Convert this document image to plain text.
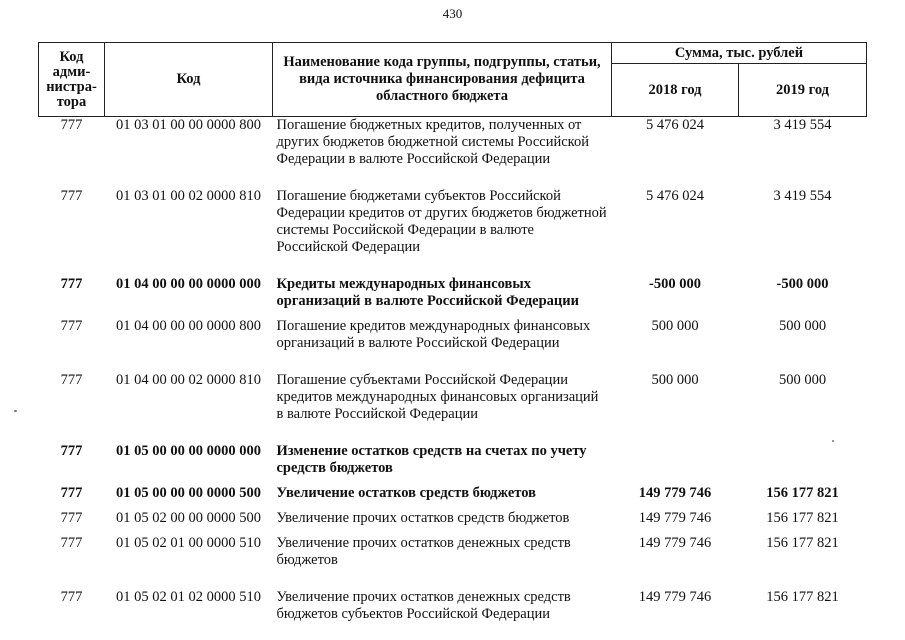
430
Код адми-нистра-тора	Код	Наименование кода группы, подгруппы, статьи, вида источника финансирования дефицита областного бюджета	Сумма, тыс. рублей	
			2018 год	2019 год
777	01 03 01 00 00 0000 800	Погашение бюджетных кредитов, полученных от других бюджетов бюджетной системы Российской Федерации в валюте Российской Федерации	5 476 024	3 419 554
777	01 03 01 00 02 0000 810	Погашение бюджетами субъектов Российской Федерации кредитов от других бюджетов бюджетной системы Российской Федерации в валюте Российской Федерации	5 476 024	3 419 554
777	01 04 00 00 00 0000 000	Кредиты международных финансовых организаций в валюте Российской Федерации	-500 000	-500 000
777	01 04 00 00 00 0000 800	Погашение кредитов международных финансовых организаций в валюте Российской Федерации	500 000	500 000
777	01 04 00 00 02 0000 810	Погашение субъектами Российской Федерации кредитов международных финансовых организаций в валюте Российской Федерации	500 000	500 000
777	01 05 00 00 00 0000 000	Изменение остатков средств на счетах по учету средств бюджетов		
777	01 05 00 00 00 0000 500	Увеличение остатков средств бюджетов	149 779 746	156 177 821
777	01 05 02 00 00 0000 500	Увеличение прочих остатков средств бюджетов	149 779 746	156 177 821
777	01 05 02 01 00 0000 510	Увеличение прочих остатков денежных средств бюджетов	149 779 746	156 177 821
777	01 05 02 01 02 0000 510	Увеличение прочих остатков денежных средств бюджетов субъектов Российской Федерации	149 779 746	156 177 821
